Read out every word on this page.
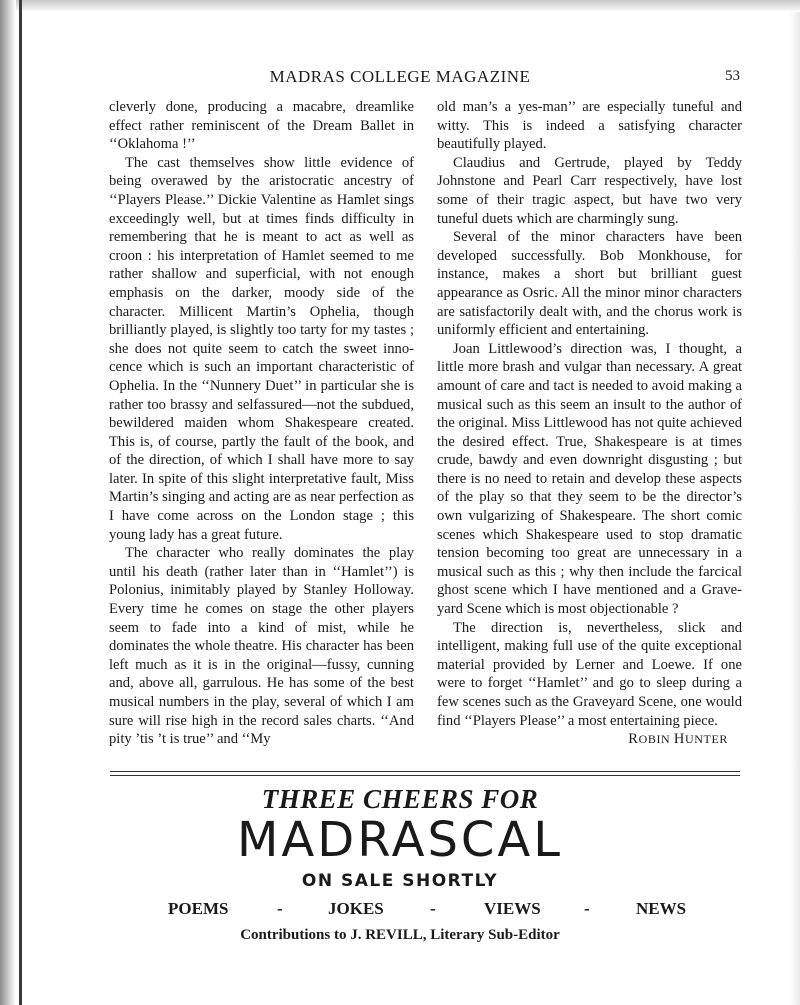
MADRAS COLLEGE MAGAZINE	53

cleverly done, producing a macabre, dreamlike effect rather reminiscent of the Dream Ballet in ‘‘Oklahoma !’’

The cast themselves show little evidence of being overawed by the aristocratic ancestry of ‘‘Players Please.’’ Dickie Valentine as Hamlet sings exceedingly well, but at times finds difficulty in remembering that he is meant to act as well as croon : his interpretation of Hamlet seemed to me rather shallow and superficial, with not enough emphasis on the darker, moody side of the character. Millicent Martin’s Ophelia, though brilliantly played, is slightly too tarty for my tastes ; she does not quite seem to catch the sweet innocence which is such an important characteristic of Ophelia. In the ‘‘Nunnery Duet’’ in particular she is rather too brassy and selfassured—not the subdued, bewildered maiden whom Shakespeare created. This is, of course, partly the fault of the book, and of the direction, of which I shall have more to say later. In spite of this slight interpretative fault, Miss Martin’s singing and acting are as near perfection as I have come across on the London stage ; this young lady has a great future.

The character who really dominates the play until his death (rather later than in ‘‘Hamlet’’) is Polonius, inimitably played by Stanley Holloway. Every time he comes on stage the other players seem to fade into a kind of mist, while he dominates the whole theatre. His character has been left much as it is in the original—fussy, cunning and, above all, garrulous. He has some of the best musical numbers in the play, several of which I am sure will rise high in the record sales charts. ‘‘And pity ’tis ’t is true’’ and ‘‘My

old man’s a yes-man’’ are especially tuneful and witty. This is indeed a satisfying character beautifully played.

Claudius and Gertrude, played by Teddy Johnstone and Pearl Carr respectively, have lost some of their tragic aspect, but have two very tuneful duets which are charmingly sung.

Several of the minor characters have been developed successfully. Bob Monkhouse, for instance, makes a short but brilliant guest appearance as Osric. All the minor minor characters are satisfactorily dealt with, and the chorus work is uniformly efficient and entertaining.

Joan Littlewood’s direction was, I thought, a little more brash and vulgar than necessary. A great amount of care and tact is needed to avoid making a musical such as this seem an insult to the author of the original. Miss Littlewood has not quite achieved the desired effect. True, Shakespeare is at times crude, bawdy and even downright disgusting ; but there is no need to retain and develop these aspects of the play so that they seem to be the director’s own vulgarizing of Shakespeare. The short comic scenes which Shakespeare used to stop dramatic tension becoming too great are unnecessary in a musical such as this ; why then include the farcical ghost scene which I have mentioned and a Graveyard Scene which is most objectionable ?

The direction is, nevertheless, slick and intelligent, making full use of the quite exceptional material provided by Lerner and Loewe. If one were to forget ‘‘Hamlet’’ and go to sleep during a few scenes such as the Graveyard Scene, one would find ‘‘Players Please’’ a most entertaining piece.

ROBIN HUNTER
THREE CHEERS FOR
MADRASCAL
ON SALE SHORTLY
POEMS	-	JOKES	-	VIEWS	-	NEWS
Contributions to J. REVILL, Literary Sub-Editor
